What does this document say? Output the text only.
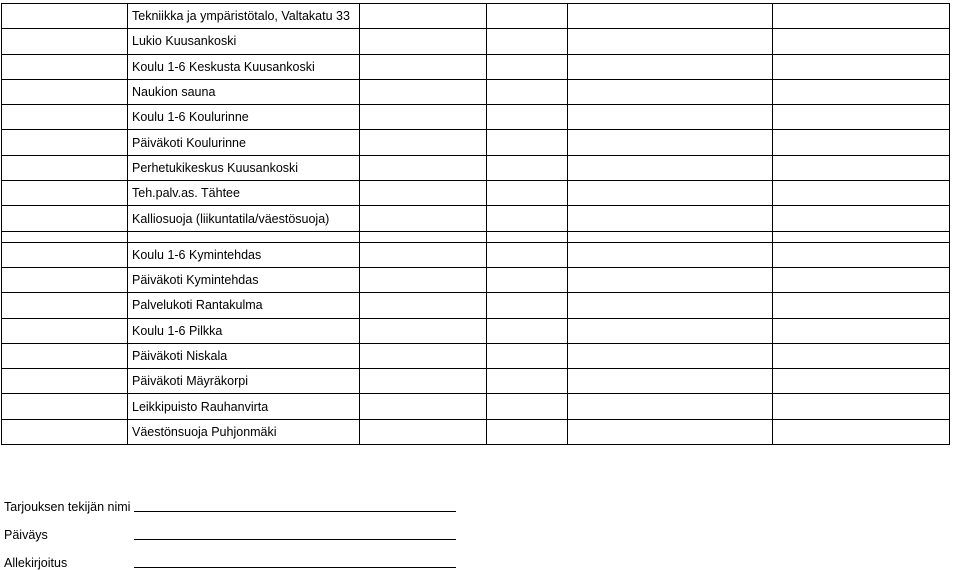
	Tekniikka ja ympäristötalo, Valtakatu 33				
	Lukio Kuusankoski				
	Koulu 1-6 Keskusta Kuusankoski				
	Naukion sauna				
	Koulu 1-6 Koulurinne				
	Päiväkoti Koulurinne				
	Perhetukikeskus Kuusankoski				
	Teh.palv.as. Tähtee				
	Kalliosuoja (liikuntatila/väestösuoja)				

	Koulu 1-6 Kymintehdas				
	Päiväkoti Kymintehdas				
	Palvelukoti Rantakulma				
	Koulu 1-6 Pilkka				
	Päiväkoti Niskala				
	Päiväkoti Mäyräkorpi				
	Leikkipuisto Rauhanvirta				
	Väestönsuoja Puhjonmäki				
Tarjouksen tekijän nimi
Päiväys
Allekirjoitus
